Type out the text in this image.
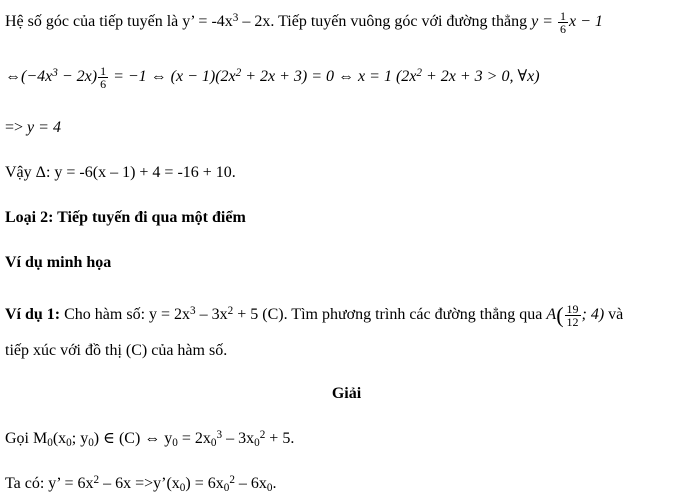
Hệ số góc của tiếp tuyến là y’ = $-4x^3 - 2x$. Tiếp tuyến vuông góc với đường thẳng $y = \frac{1}{6}$ x − 1
$\Leftrightarrow(-4x^3 - 2x) \frac{1}{6} = -1$ ⇔ $(x - 1)(2x^2 + 2x + 3) = 0$ ⇔ x = 1 ($2x^2 + 2x + 3 > 0$, ∀x)
=> y = 4
Vậy Δ: y = -6(x – 1) + 4 = -16 + 10.
Loại 2: Tiếp tuyến đi qua một điểm
Ví dụ minh họa
Ví dụ 1: Cho hàm số: $y = 2x^3 - 3x^2 + 5$ (C). Tìm phương trình các đường thẳng qua $A( \frac{19}{12}$ ; 4) và
tiếp xúc với đồ thị (C) của hàm số.
Giải
Gọi $M_0(x_0$; $y_0$) ∈ (C) ⇔ $y_0 = 2x_0^3 - 3x_0^2 + 5$.
Ta có: y’ = $6x^2 - 6x$ $=>y’(x_0) = 6x_0^2 - 6x_0$.
